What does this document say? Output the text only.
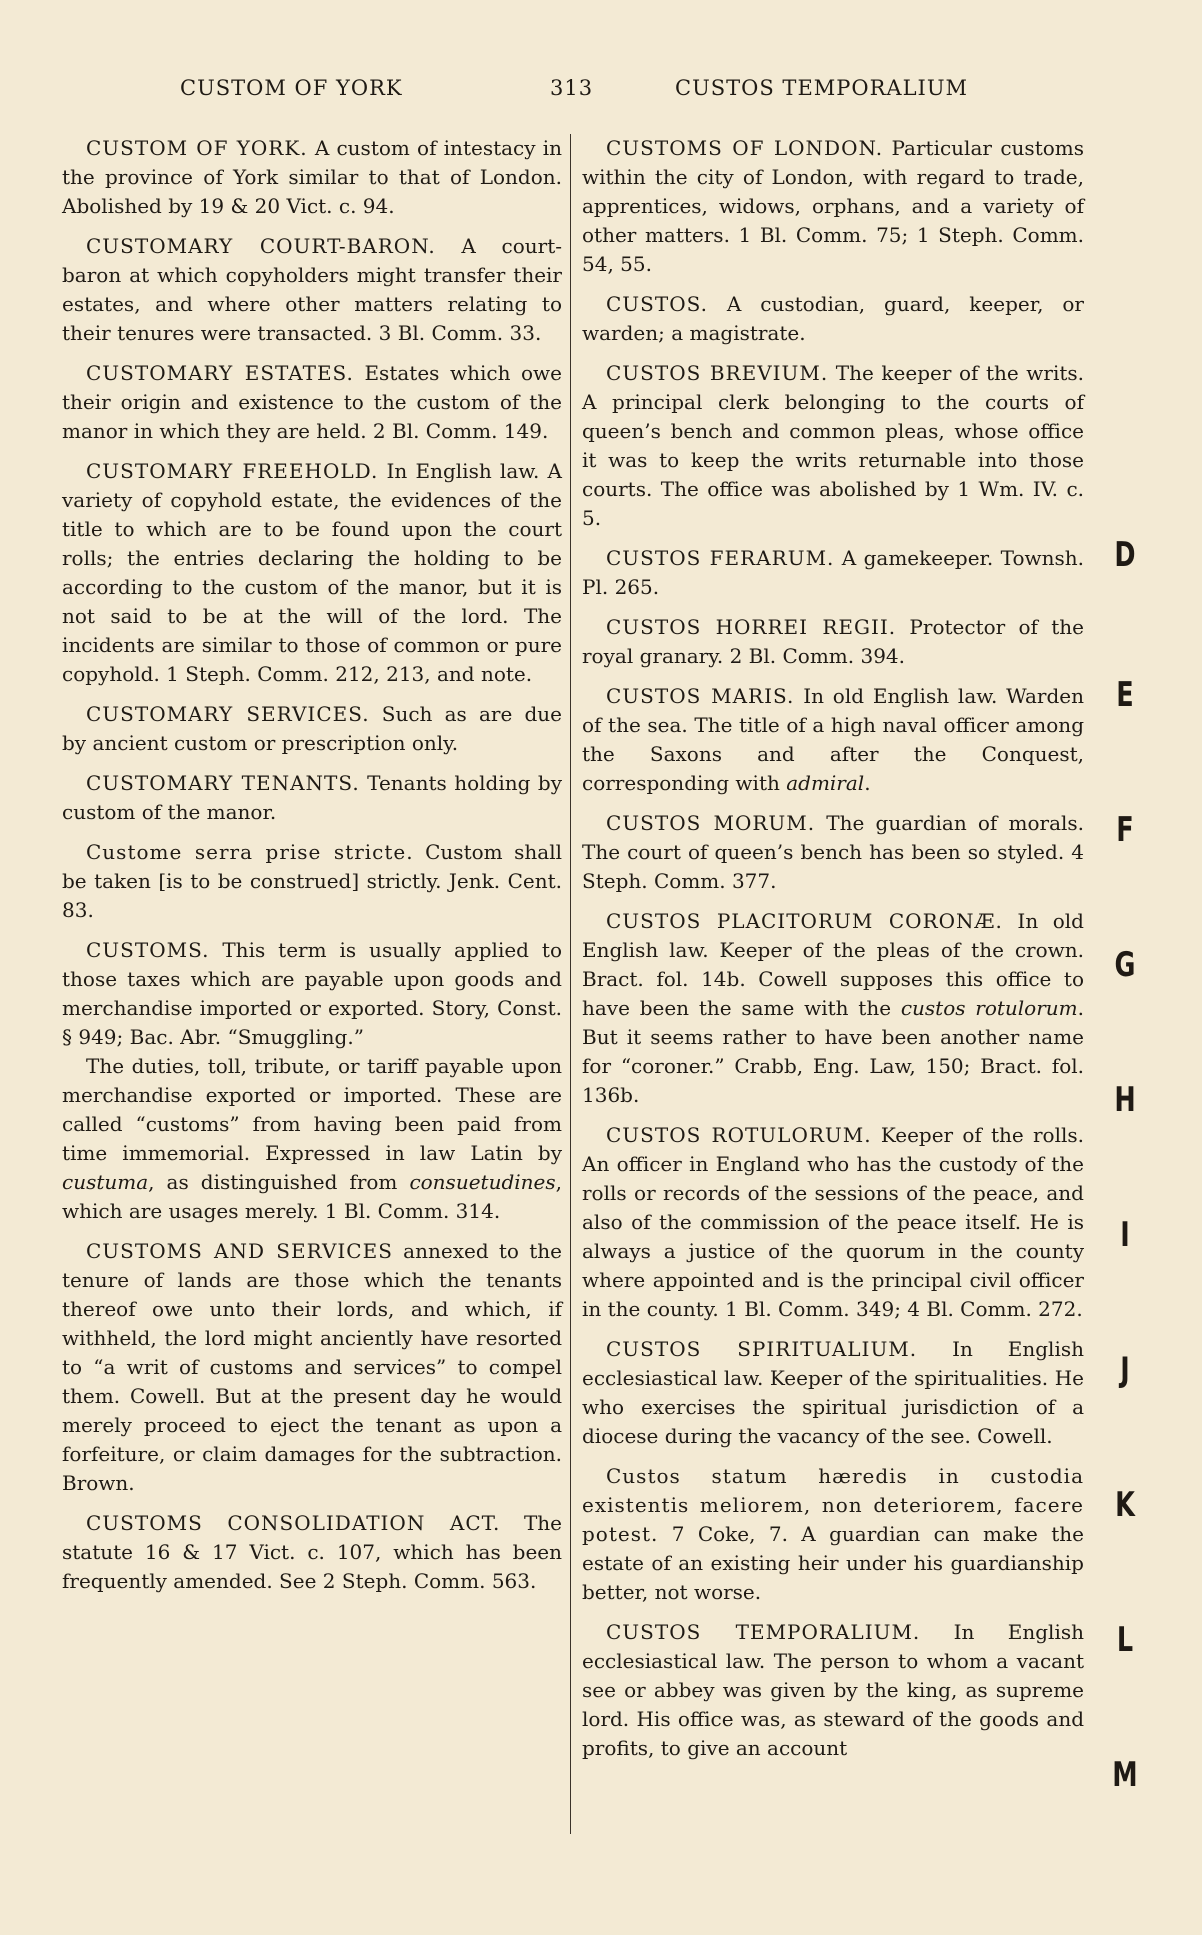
CUSTOM OF YORK	313	CUSTOS TEMPORALIUM

CUSTOM OF YORK. A custom of intestacy in the province of York similar to that of London. Abolished by 19 & 20 Vict. c. 94.

CUSTOMARY COURT-BARON. A court-baron at which copyholders might transfer their estates, and where other matters relating to their tenures were transacted. 3 Bl. Comm. 33.

CUSTOMARY ESTATES. Estates which owe their origin and existence to the custom of the manor in which they are held. 2 Bl. Comm. 149.

CUSTOMARY FREEHOLD. In English law. A variety of copyhold estate, the evidences of the title to which are to be found upon the court rolls; the entries declaring the holding to be according to the custom of the manor, but it is not said to be at the will of the lord. The incidents are similar to those of common or pure copyhold. 1 Steph. Comm. 212, 213, and note.

CUSTOMARY SERVICES. Such as are due by ancient custom or prescription only.

CUSTOMARY TENANTS. Tenants holding by custom of the manor.

Custome serra prise stricte. Custom shall be taken [is to be construed] strictly. Jenk. Cent. 83.

CUSTOMS. This term is usually applied to those taxes which are payable upon goods and merchandise imported or exported. Story, Const. § 949; Bac. Abr. “Smuggling.”

The duties, toll, tribute, or tariff payable upon merchandise exported or imported. These are called “customs” from having been paid from time immemorial. Expressed in law Latin by custuma, as distinguished from consuetudines, which are usages merely. 1 Bl. Comm. 314.

CUSTOMS AND SERVICES annexed to the tenure of lands are those which the tenants thereof owe unto their lords, and which, if withheld, the lord might anciently have resorted to “a writ of customs and services” to compel them. Cowell. But at the present day he would merely proceed to eject the tenant as upon a forfeiture, or claim damages for the subtraction. Brown.

CUSTOMS CONSOLIDATION ACT. The statute 16 & 17 Vict. c. 107, which has been frequently amended. See 2 Steph. Comm. 563.

CUSTOMS OF LONDON. Particular customs within the city of London, with regard to trade, apprentices, widows, orphans, and a variety of other matters. 1 Bl. Comm. 75; 1 Steph. Comm. 54, 55.

CUSTOS. A custodian, guard, keeper, or warden; a magistrate.

CUSTOS BREVIUM. The keeper of the writs. A principal clerk belonging to the courts of queen’s bench and common pleas, whose office it was to keep the writs returnable into those courts. The office was abolished by 1 Wm. IV. c. 5.

CUSTOS FERARUM. A gamekeeper. Townsh. Pl. 265.

CUSTOS HORREI REGII. Protector of the royal granary. 2 Bl. Comm. 394.

CUSTOS MARIS. In old English law. Warden of the sea. The title of a high naval officer among the Saxons and after the Conquest, corresponding with admiral.

CUSTOS MORUM. The guardian of morals. The court of queen’s bench has been so styled. 4 Steph. Comm. 377.

CUSTOS PLACITORUM CORONÆ. In old English law. Keeper of the pleas of the crown. Bract. fol. 14b. Cowell supposes this office to have been the same with the custos rotulorum. But it seems rather to have been another name for “coroner.” Crabb, Eng. Law, 150; Bract. fol. 136b.

CUSTOS ROTULORUM. Keeper of the rolls. An officer in England who has the custody of the rolls or records of the sessions of the peace, and also of the commission of the peace itself. He is always a justice of the quorum in the county where appointed and is the principal civil officer in the county. 1 Bl. Comm. 349; 4 Bl. Comm. 272.

CUSTOS SPIRITUALIUM. In English ecclesiastical law. Keeper of the spiritualities. He who exercises the spiritual jurisdiction of a diocese during the vacancy of the see. Cowell.

Custos statum hæredis in custodia existentis meliorem, non deteriorem, facere potest. 7 Coke, 7. A guardian can make the estate of an existing heir under his guardianship better, not worse.

CUSTOS TEMPORALIUM. In English ecclesiastical law. The person to whom a vacant see or abbey was given by the king, as supreme lord. His office was, as steward of the goods and profits, to give an account

D
E
F
G
H
I
J
K
L
M
